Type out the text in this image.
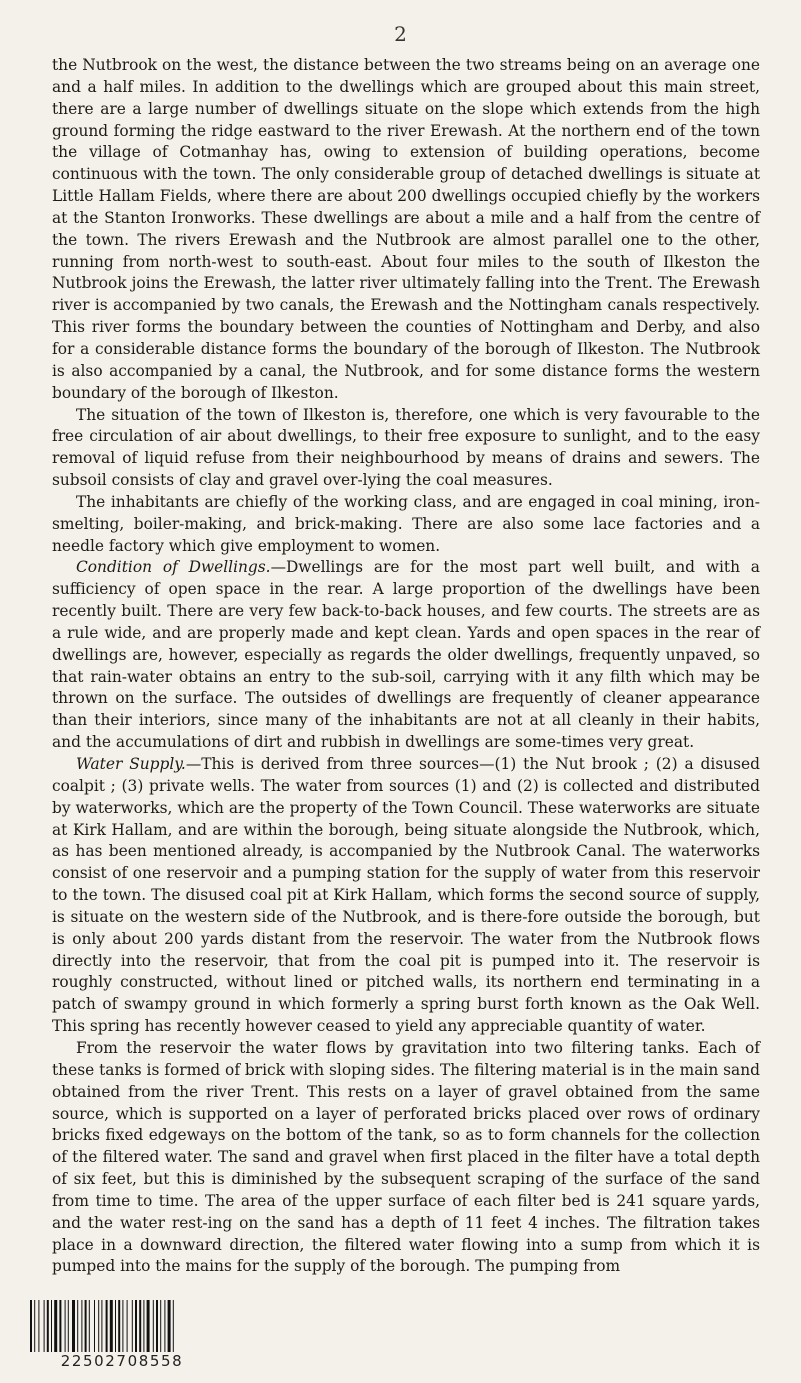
2

the Nutbrook on the west, the distance between the two streams being on an average one and a half miles. In addition to the dwellings which are grouped about this main street, there are a large number of dwellings situate on the slope which extends from the high ground forming the ridge eastward to the river Erewash. At the northern end of the town the village of Cotmanhay has, owing to extension of building operations, become continuous with the town. The only considerable group of detached dwellings is situate at Little Hallam Fields, where there are about 200 dwellings occupied chiefly by the workers at the Stanton Ironworks. These dwellings are about a mile and a half from the centre of the town. The rivers Erewash and the Nutbrook are almost parallel one to the other, running from north-west to south-east. About four miles to the south of Ilkeston the Nutbrook joins the Erewash, the latter river ultimately falling into the Trent. The Erewash river is accompanied by two canals, the Erewash and the Nottingham canals respectively. This river forms the boundary between the counties of Nottingham and Derby, and also for a considerable distance forms the boundary of the borough of Ilkeston. The Nutbrook is also accompanied by a canal, the Nutbrook, and for some distance forms the western boundary of the borough of Ilkeston.

The situation of the town of Ilkeston is, therefore, one which is very favourable to the free circulation of air about dwellings, to their free exposure to sunlight, and to the easy removal of liquid refuse from their neighbourhood by means of drains and sewers. The subsoil consists of clay and gravel over-lying the coal measures.

The inhabitants are chiefly of the working class, and are engaged in coal mining, iron-smelting, boiler-making, and brick-making. There are also some lace factories and a needle factory which give employment to women.

Condition of Dwellings.—Dwellings are for the most part well built, and with a sufficiency of open space in the rear. A large proportion of the dwellings have been recently built. There are very few back-to-back houses, and few courts. The streets are as a rule wide, and are properly made and kept clean. Yards and open spaces in the rear of dwellings are, however, especially as regards the older dwellings, frequently unpaved, so that rain-water obtains an entry to the sub-soil, carrying with it any filth which may be thrown on the surface. The outsides of dwellings are frequently of cleaner appearance than their interiors, since many of the inhabitants are not at all cleanly in their habits, and the accumulations of dirt and rubbish in dwellings are some-times very great.

Water Supply.—This is derived from three sources—(1) the Nut brook ; (2) a disused coalpit ; (3) private wells. The water from sources (1) and (2) is collected and distributed by waterworks, which are the property of the Town Council. These waterworks are situate at Kirk Hallam, and are within the borough, being situate alongside the Nutbrook, which, as has been mentioned already, is accompanied by the Nutbrook Canal. The waterworks consist of one reservoir and a pumping station for the supply of water from this reservoir to the town. The disused coal pit at Kirk Hallam, which forms the second source of supply, is situate on the western side of the Nutbrook, and is there-fore outside the borough, but is only about 200 yards distant from the reservoir. The water from the Nutbrook flows directly into the reservoir, that from the coal pit is pumped into it. The reservoir is roughly constructed, without lined or pitched walls, its northern end terminating in a patch of swampy ground in which formerly a spring burst forth known as the Oak Well. This spring has recently however ceased to yield any appreciable quantity of water.

From the reservoir the water flows by gravitation into two filtering tanks. Each of these tanks is formed of brick with sloping sides. The filtering material is in the main sand obtained from the river Trent. This rests on a layer of gravel obtained from the same source, which is supported on a layer of perforated bricks placed over rows of ordinary bricks fixed edgeways on the bottom of the tank, so as to form channels for the collection of the filtered water. The sand and gravel when first placed in the filter have a total depth of six feet, but this is diminished by the subsequent scraping of the surface of the sand from time to time. The area of the upper surface of each filter bed is 241 square yards, and the water rest-ing on the sand has a depth of 11 feet 4 inches. The filtration takes place in a downward direction, the filtered water flowing into a sump from which it is pumped into the mains for the supply of the borough. The pumping from

22502708558
